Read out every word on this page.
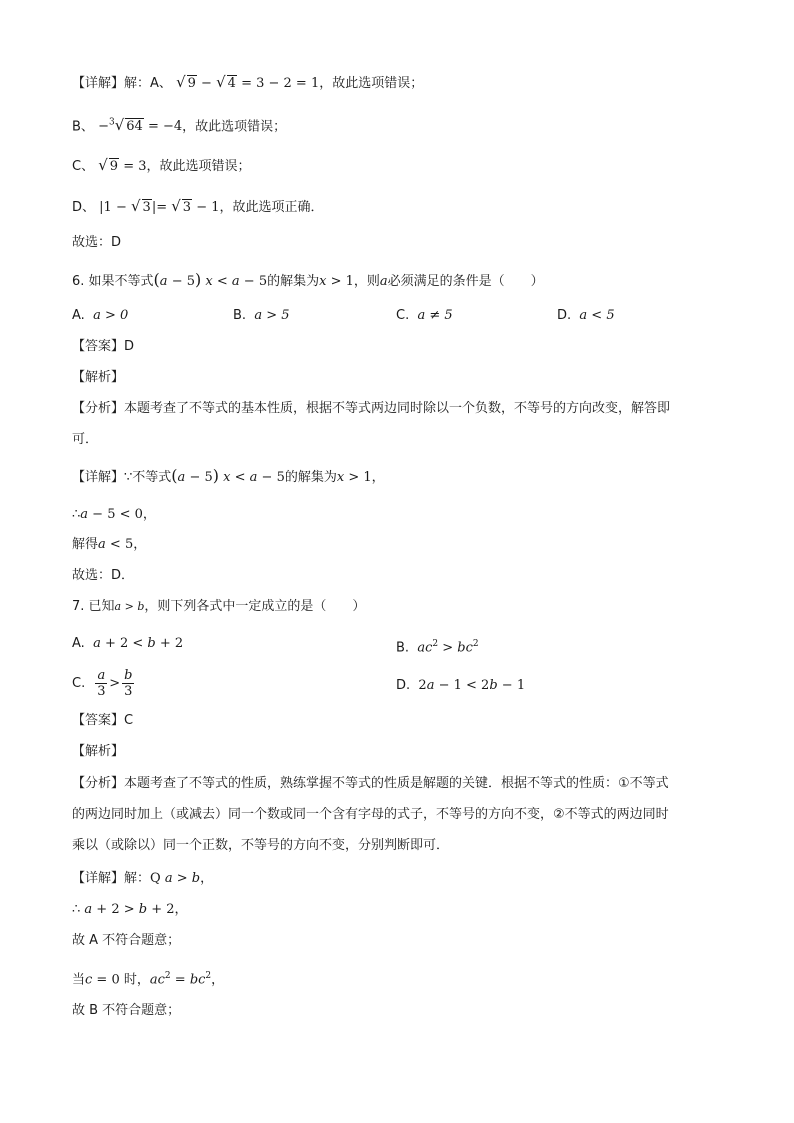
【详解】解：A、 √ 9 − √ 4 = 3 − 2 = 1，故此选项错误；
B、 −$^3$√ 64 = −4，故此选项错误；
C、 √ 9 = 3，故此选项错误；
D、 |1 − √ 3|= √ 3 − 1，故此选项正确．
故选：D
6. 如果不等式(a − 5) x < a − 5的解集为x > 1，则a必须满足的条件是（　　）
A. a > 0	B. a > 5	C. a ≠ 5	D. a < 5
【答案】D
【解析】
【分析】本题考查了不等式的基本性质，根据不等式两边同时除以一个负数，不等号的方向改变，解答即
可．
【详解】∵不等式(a − 5) x < a − 5的解集为x > 1，
∴a − 5 < 0，
解得a < 5，
故选：D．
7. 已知a > b，则下列各式中一定成立的是（　　）
A. a + 2 < b + 2	B. $ac^2 > bc^2$
C. $\frac{a}{3} > \frac{b}{3}$	D. 2a − 1 < 2b − 1
【答案】C
【解析】
【分析】本题考查了不等式的性质，熟练掌握不等式的性质是解题的关键．根据不等式的性质：①不等式
的两边同时加上（或减去）同一个数或同一个含有字母的式子，不等号的方向不变，②不等式的两边同时
乘以（或除以）同一个正数，不等号的方向不变，分别判断即可．
【详解】解：Q a > b，
∴ a + 2 > b + 2，
故 A 不符合题意；
当c = 0 时，$ac^2 = bc^2$，
故 B 不符合题意；
